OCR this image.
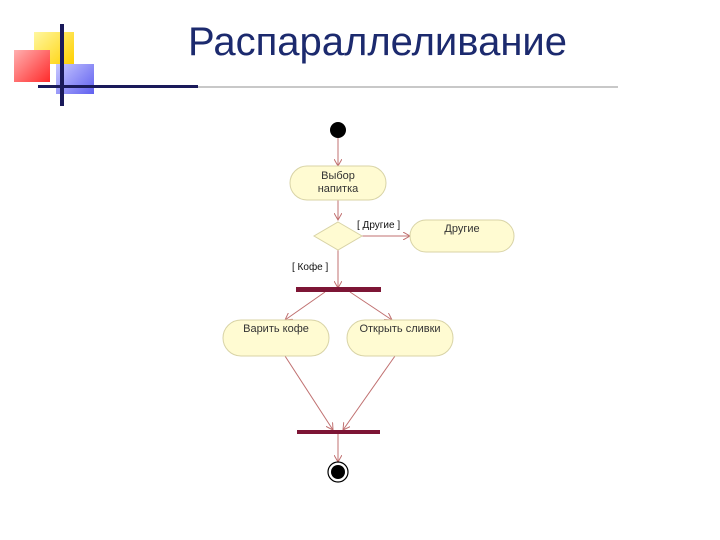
Распараллеливание
Выбор
напитка
[ Другие ]
[ Кофе ]
Другие
Варить кофе	Открыть сливки
